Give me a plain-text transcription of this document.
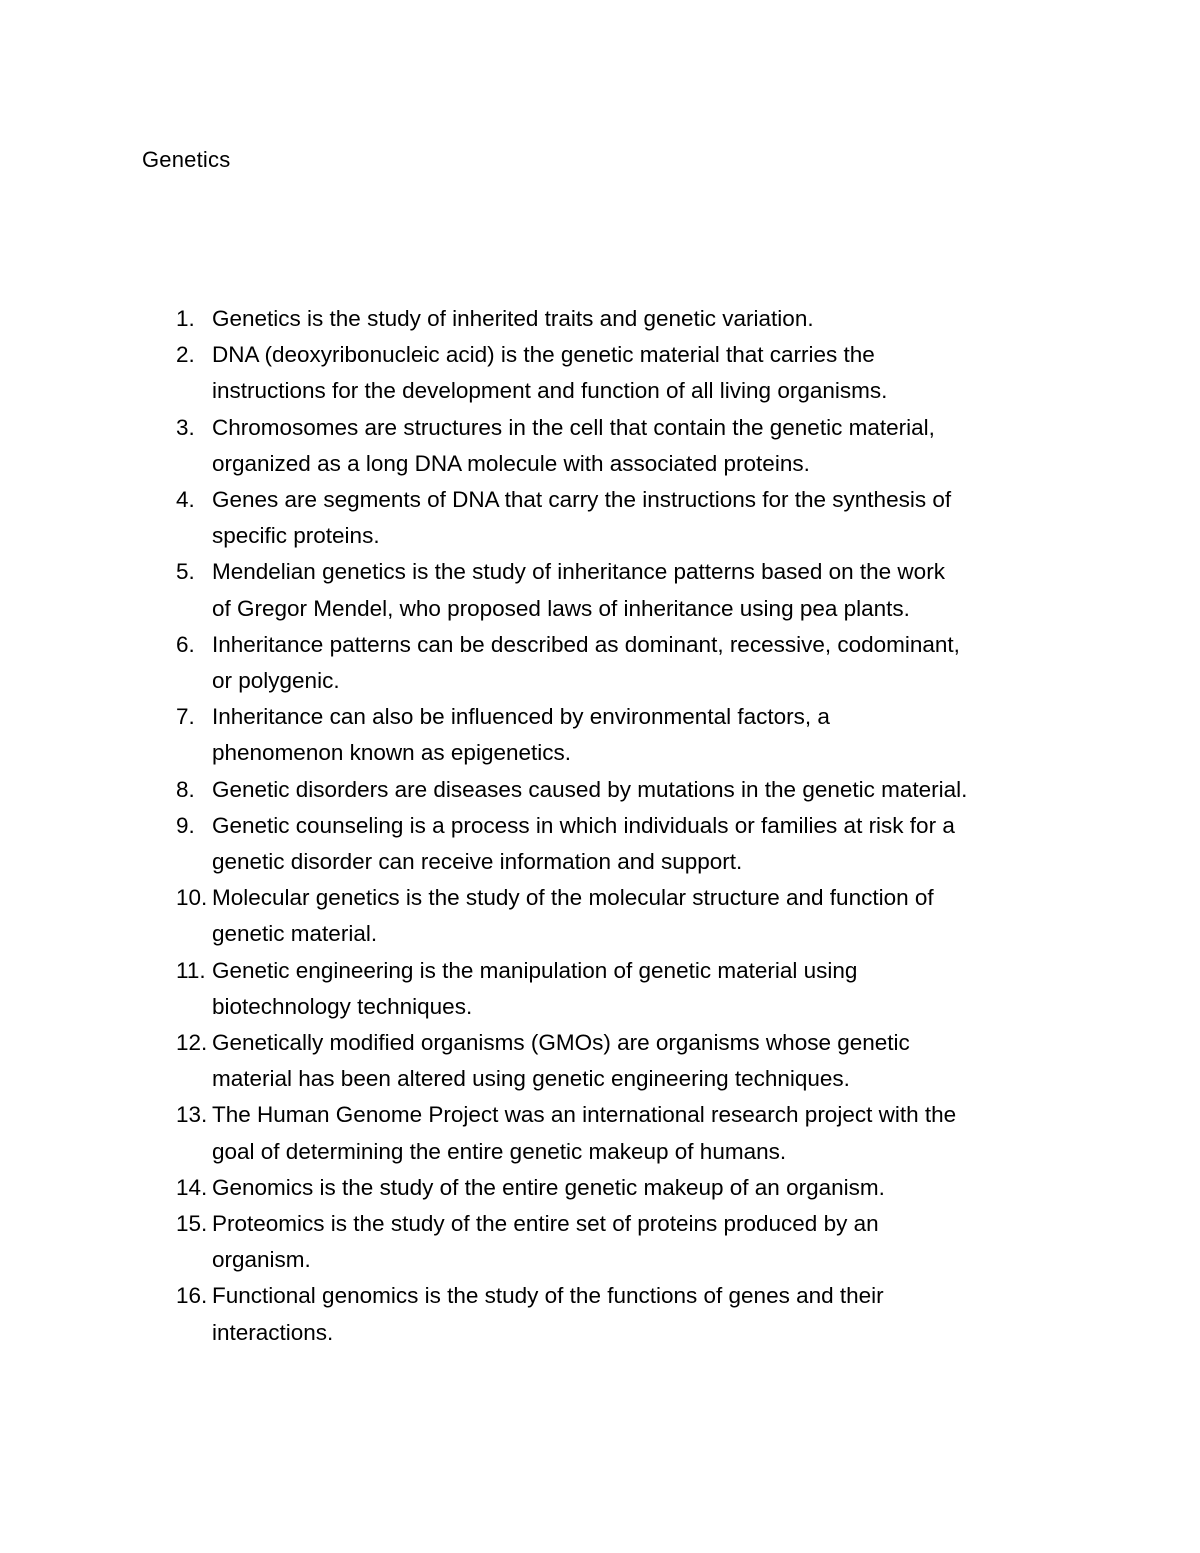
Genetics
1. Genetics is the study of inherited traits and genetic variation.
2. DNA (deoxyribonucleic acid) is the genetic material that carries the
instructions for the development and function of all living organisms.
3. Chromosomes are structures in the cell that contain the genetic material,
organized as a long DNA molecule with associated proteins.
4. Genes are segments of DNA that carry the instructions for the synthesis of
specific proteins.
5. Mendelian genetics is the study of inheritance patterns based on the work
of Gregor Mendel, who proposed laws of inheritance using pea plants.
6. Inheritance patterns can be described as dominant, recessive, codominant,
or polygenic.
7. Inheritance can also be influenced by environmental factors, a
phenomenon known as epigenetics.
8. Genetic disorders are diseases caused by mutations in the genetic material.
9. Genetic counseling is a process in which individuals or families at risk for a
genetic disorder can receive information and support.
10. Molecular genetics is the study of the molecular structure and function of
genetic material.
11. Genetic engineering is the manipulation of genetic material using
biotechnology techniques.
12. Genetically modified organisms (GMOs) are organisms whose genetic
material has been altered using genetic engineering techniques.
13. The Human Genome Project was an international research project with the
goal of determining the entire genetic makeup of humans.
14. Genomics is the study of the entire genetic makeup of an organism.
15. Proteomics is the study of the entire set of proteins produced by an
organism.
16. Functional genomics is the study of the functions of genes and their
interactions.
